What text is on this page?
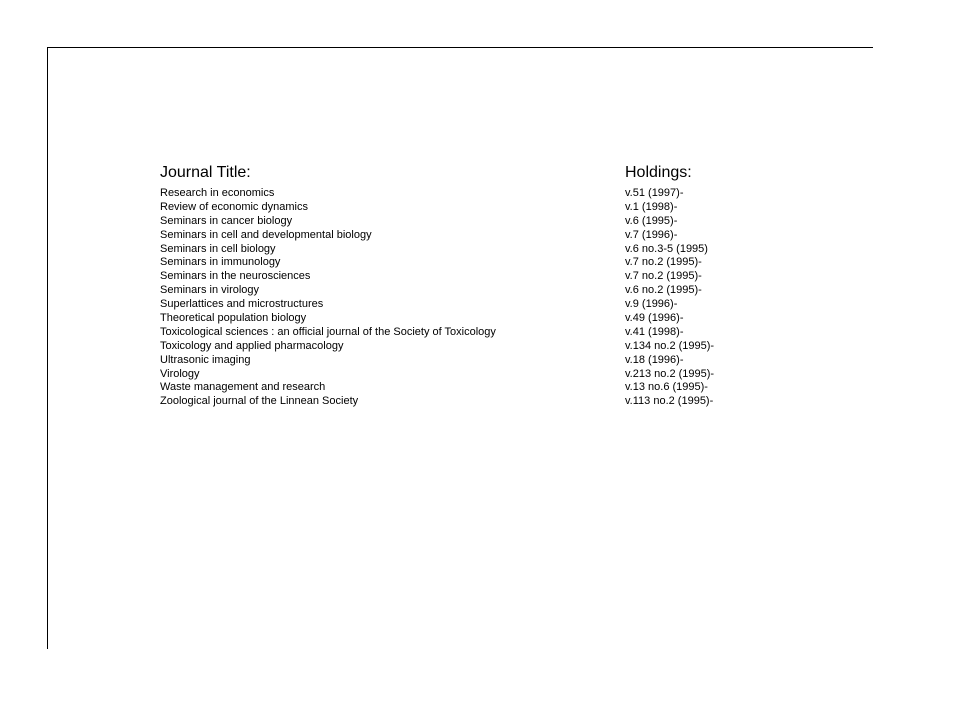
Journal Title:	Holdings:
Research in economics	v.51 (1997)-
Review of economic dynamics	v.1 (1998)-
Seminars in cancer biology	v.6 (1995)-
Seminars in cell and developmental biology	v.7 (1996)-
Seminars in cell biology	v.6 no.3-5 (1995)
Seminars in immunology	v.7 no.2 (1995)-
Seminars in the neurosciences	v.7 no.2 (1995)-
Seminars in virology	v.6 no.2 (1995)-
Superlattices and microstructures	v.9 (1996)-
Theoretical population biology	v.49 (1996)-
Toxicological sciences : an official journal of the Society of Toxicology	v.41 (1998)-
Toxicology and applied pharmacology	v.134 no.2 (1995)-
Ultrasonic imaging	v.18 (1996)-
Virology	v.213 no.2 (1995)-
Waste management and research	v.13 no.6 (1995)-
Zoological journal of the Linnean Society	v.113 no.2 (1995)-
